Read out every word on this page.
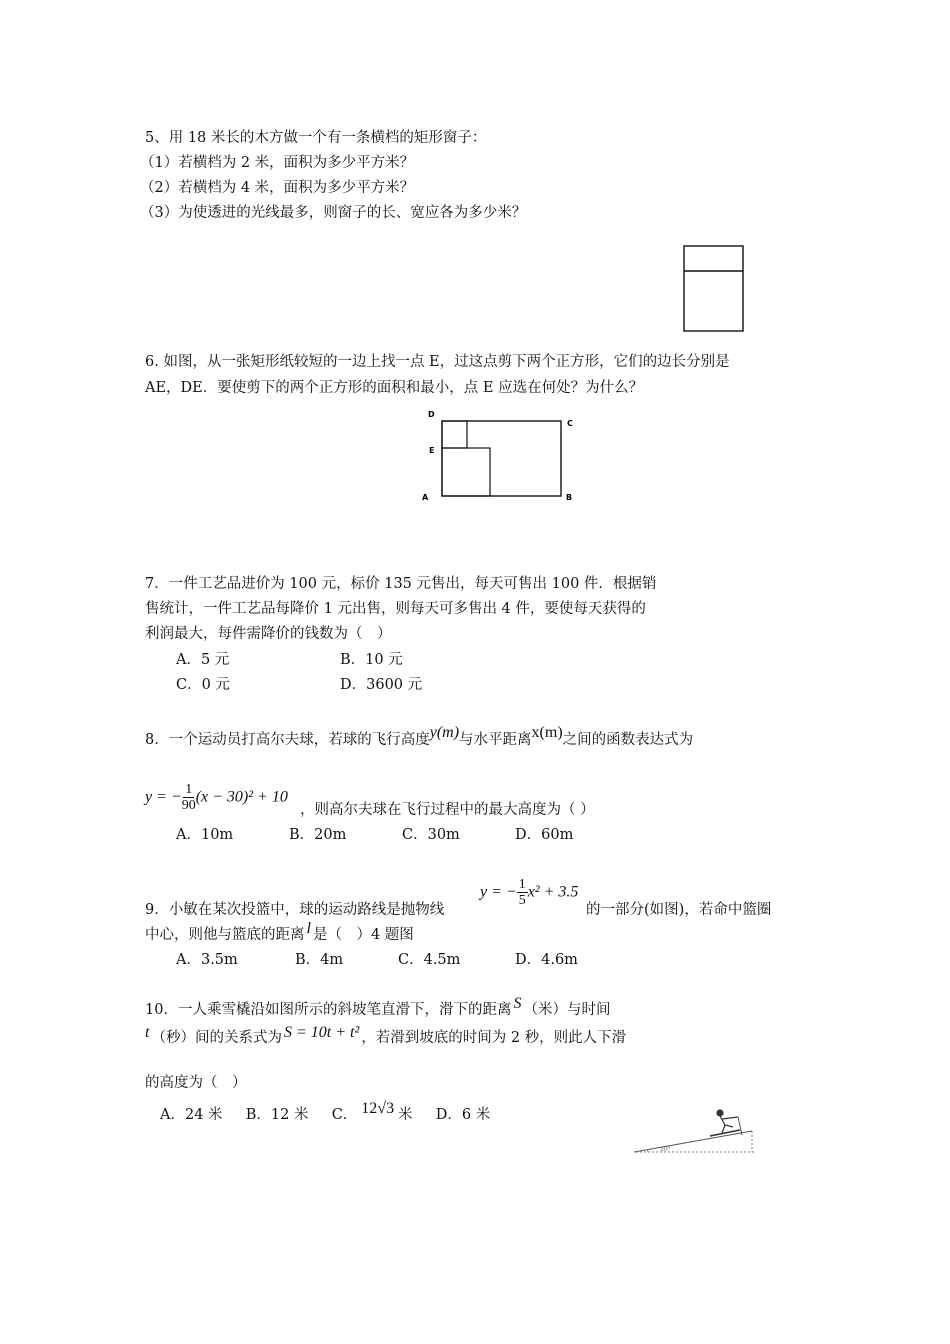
5、用 18 米长的木方做一个有一条横档的矩形窗子：
（1）若横档为 2 米，面积为多少平方米？
（2）若横档为 4 米，面积为多少平方米？
（3）为使透进的光线最多，则窗子的长、宽应各为多少米？
6. 如图，从一张矩形纸较短的一边上找一点 E，过这点剪下两个正方形，它们的边长分别是
AE，DE．要使剪下的两个正方形的面积和最小，点 E 应选在何处？为什么？
D
C
E
A	B
7．一件工艺品进价为 100 元，标价 135 元售出，每天可售出 100 件．根据销
售统计，一件工艺品每降价 1 元出售，则每天可多售出 4 件，要使每天获得的
利润最大，每件需降价的钱数为（　）
A．5 元	B．10 元
C．0 元	D．3600 元
8．一个运动员打高尔夫球，若球的飞行高度y(m)与水平距离x(m)之间的函数表达式为
y = − $\frac{1}{90} (x - 30)^2 + 10$
，则高尔夫球在飞行过程中的最大高度为（ ）
A．10m	B．20m	C．30m	D．60m
y = − $\frac{1}{5} x^2 + 3.5$
9．小敏在某次投篮中，球的运动路线是抛物线	的一部分(如图)，若命中篮圈
中心，则他与篮底的距离 l 是（　）4 题图
A．3.5m	B．4m	C．4.5m	D．4.6m
10．一人乘雪橇沿如图所示的斜坡笔直滑下，滑下的距离 S （米）与时间
t （秒）间的关系式为 S = 10t + t² ，若滑到坡底的时间为 2 秒，则此人下滑
的高度为（　）
A．24 米 B．12 米 C． 12√3 米 D．6 米
30°
